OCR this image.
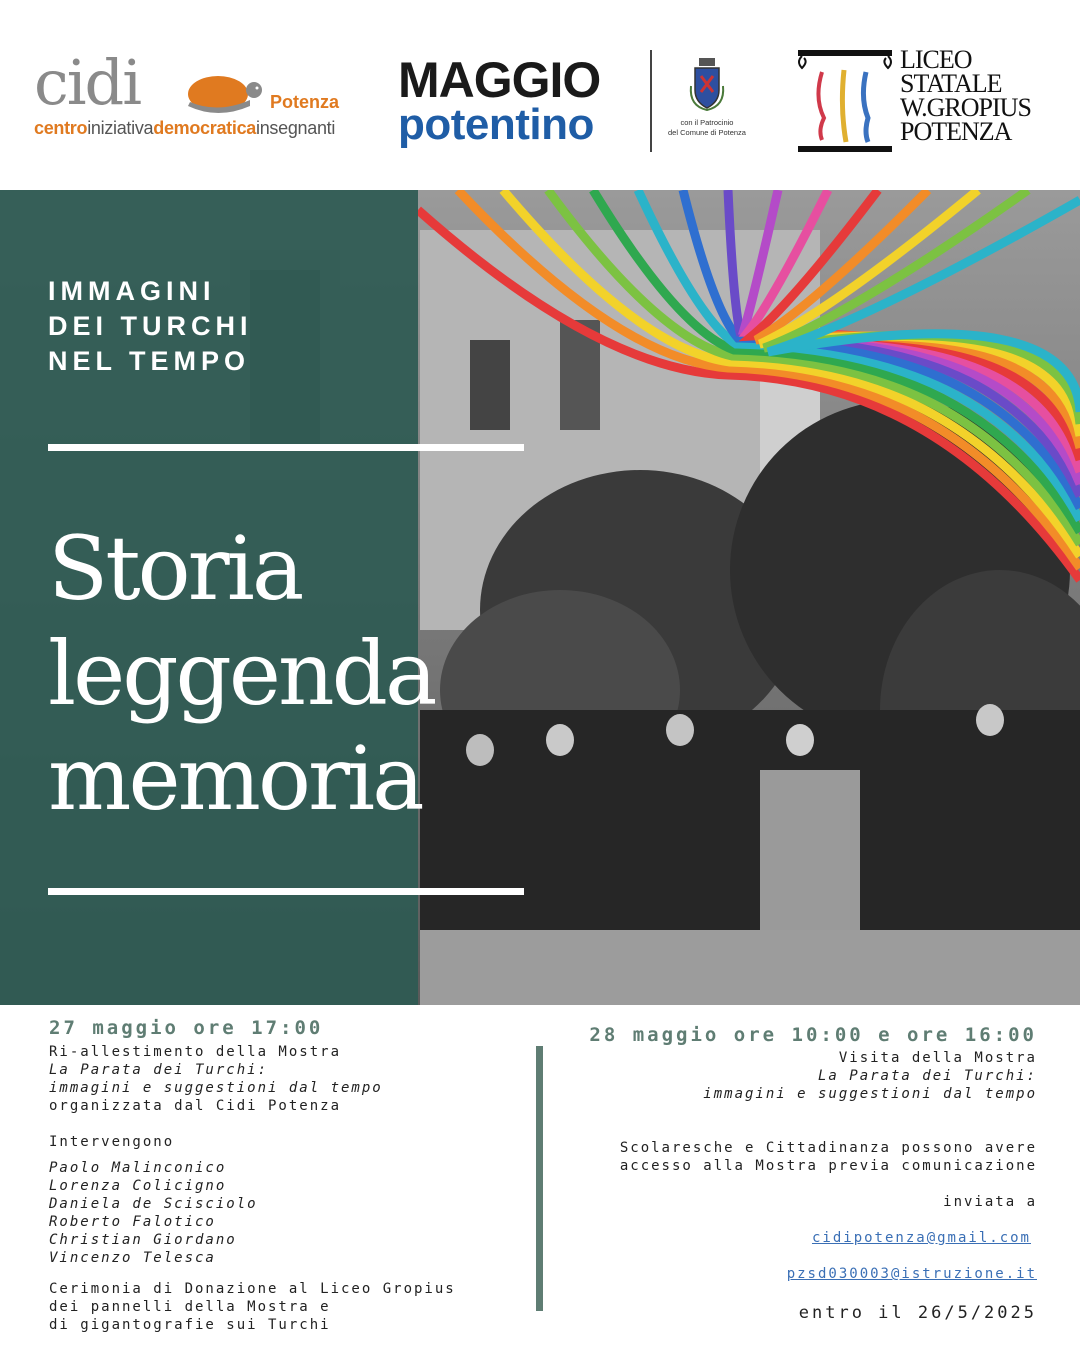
cidi	Potenza
centroiniziativademocraticainsegnanti
MAGGIO
potentino	con il Patrocinio
del Comune di Potenza
LICEO
STATALE
W.GROPIUS
POTENZA
IMMAGINI
DEI TURCHI
NEL TEMPO
Storia
leggenda
memoria
27 maggio ore 17:00
Ri-allestimento della Mostra
La Parata dei Turchi:
immagini e suggestioni dal tempo
organizzata dal Cidi Potenza
Intervengono
Paolo Malinconico
Lorenza Colicigno
Daniela de Scisciolo
Roberto Falotico
Christian Giordano
Vincenzo Telesca
Cerimonia di Donazione al Liceo Gropius
dei pannelli della Mostra e
di gigantografie sui Turchi
28 maggio ore 10:00 e ore 16:00
Visita della Mostra
La Parata dei Turchi:
immagini e suggestioni dal tempo
Scolaresche e Cittadinanza possono avere
accesso alla Mostra previa comunicazione
inviata a
cidipotenza@gmail.com
pzsd030003@istruzione.it
entro il 26/5/2025
